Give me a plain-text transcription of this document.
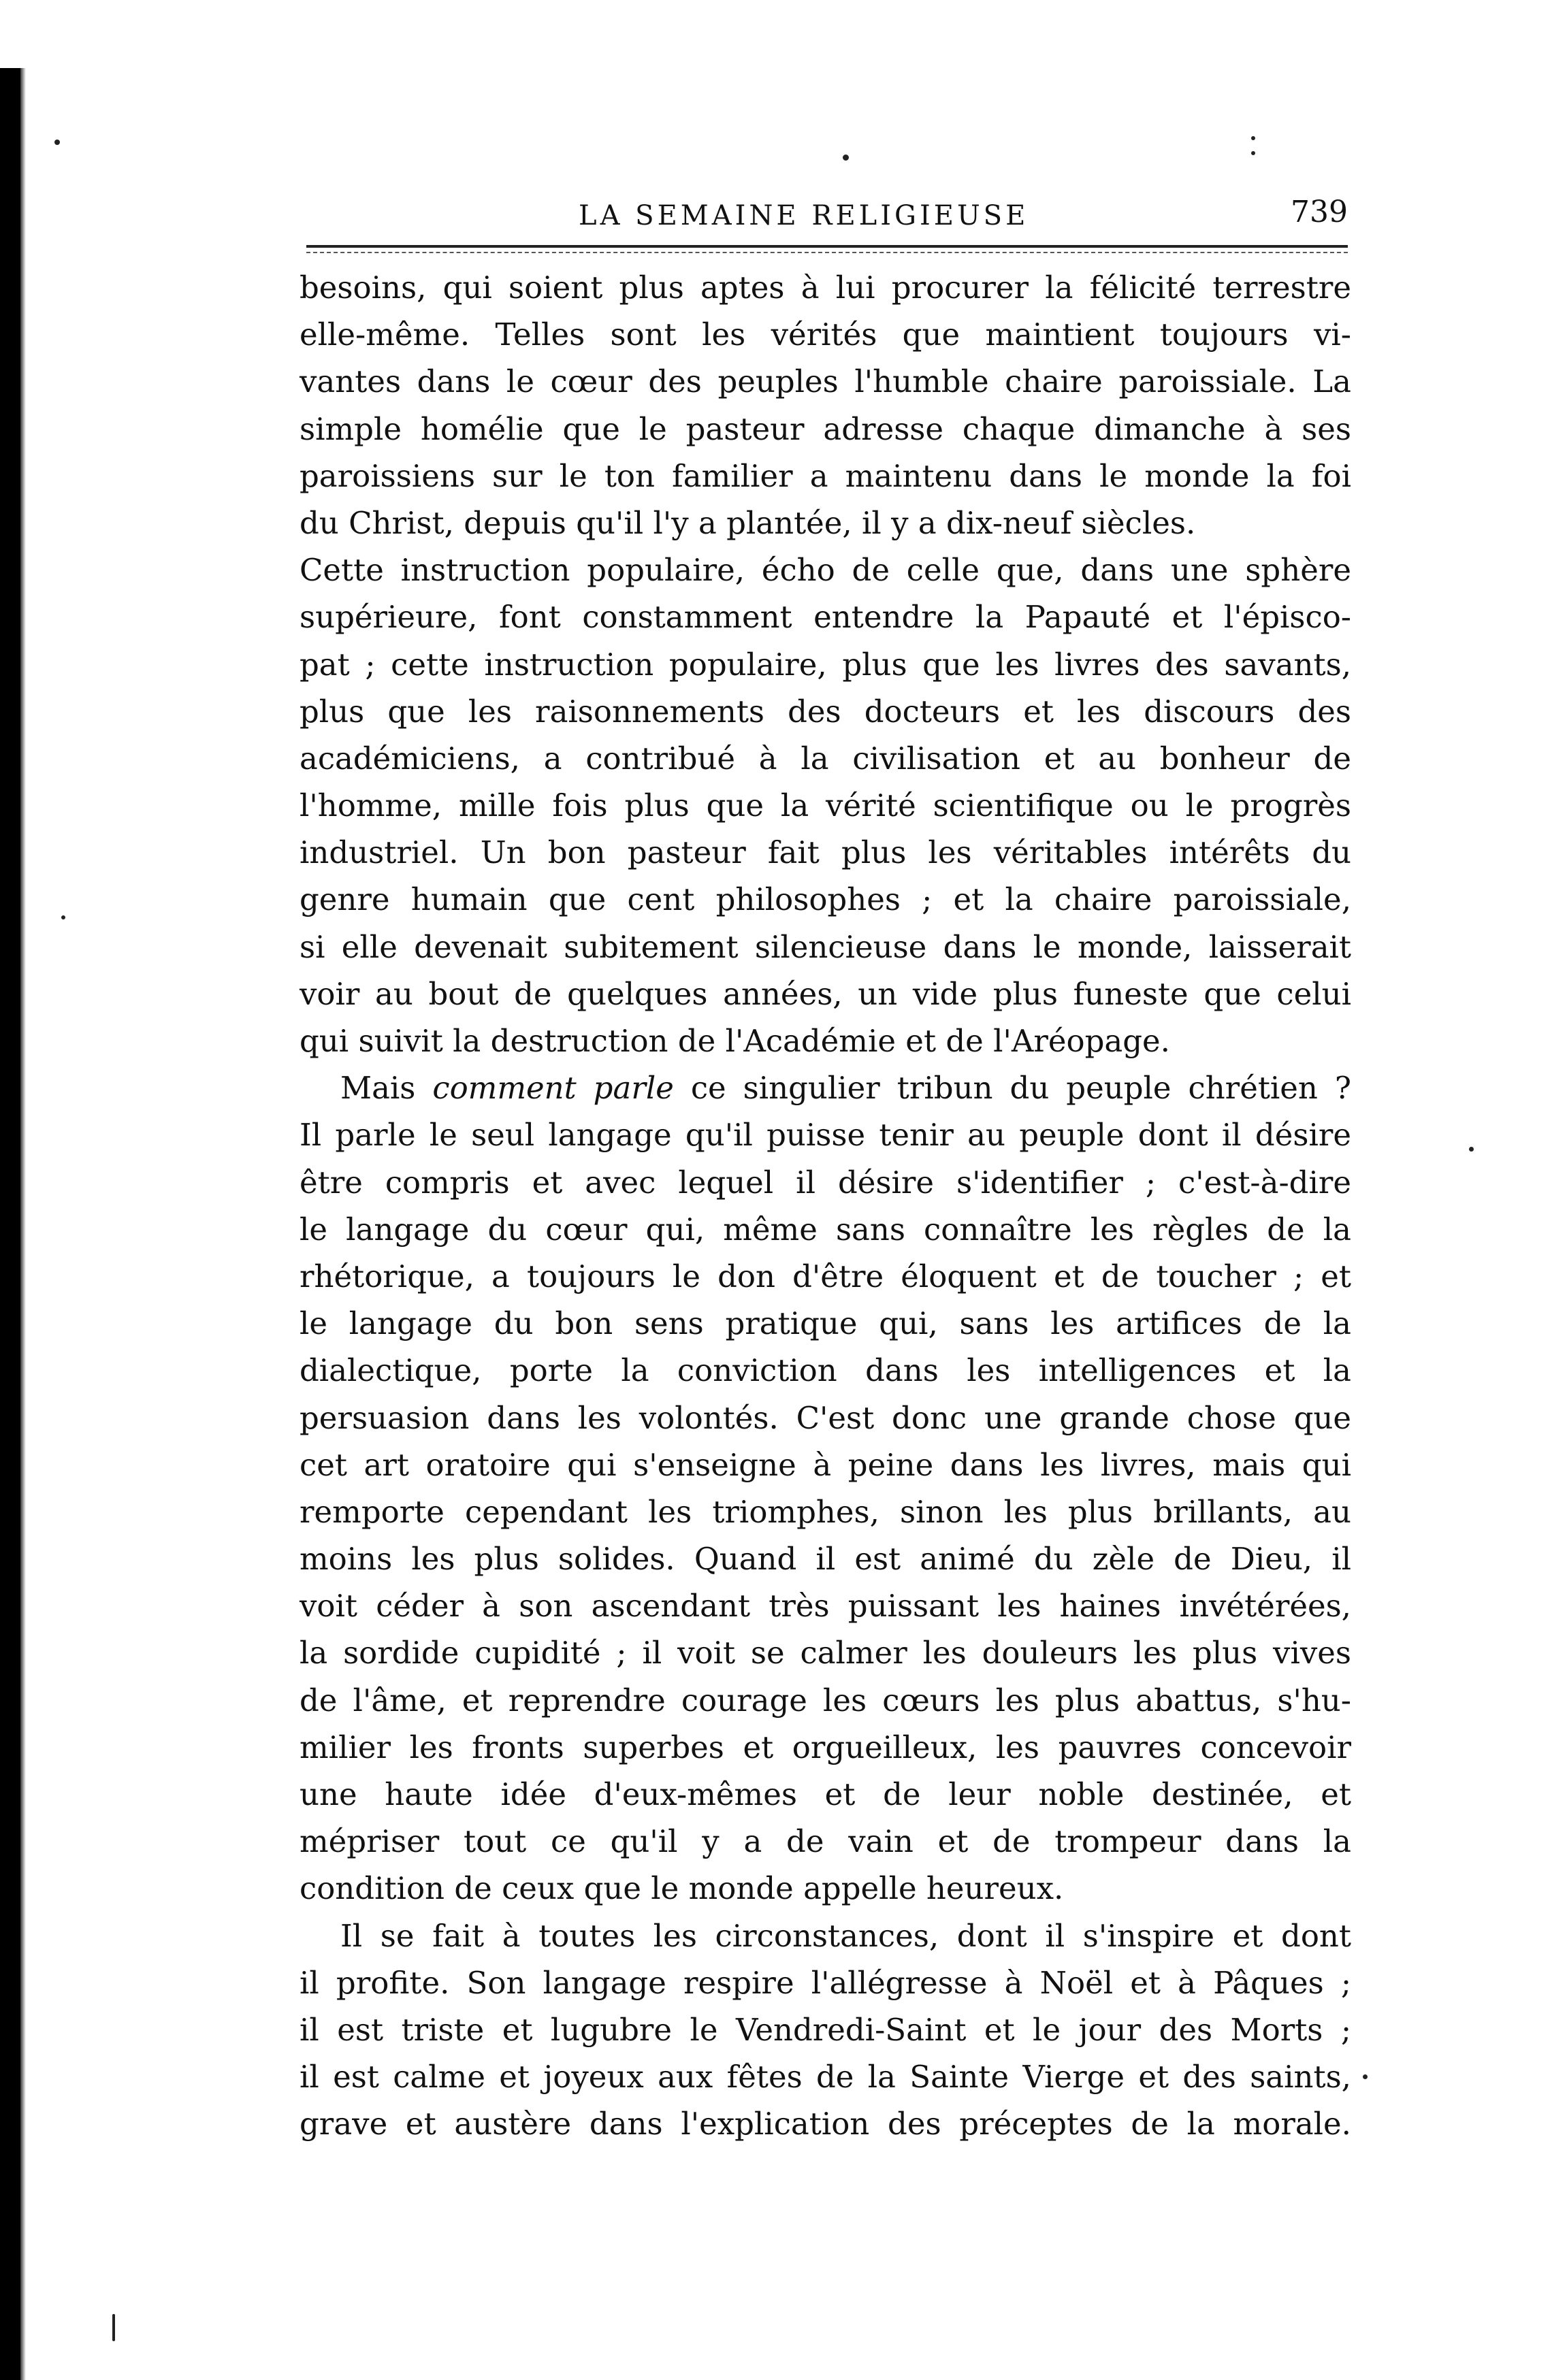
LA SEMAINE RELIGIEUSE	739
besoins, qui soient plus aptes à lui procurer la félicité terrestre
elle-même. Telles sont les vérités que maintient toujours vi-
vantes dans le cœur des peuples l'humble chaire paroissiale. La
simple homélie que le pasteur adresse chaque dimanche à ses
paroissiens sur le ton familier a maintenu dans le monde la foi
du Christ, depuis qu'il l'y a plantée, il y a dix-neuf siècles.
Cette instruction populaire, écho de celle que, dans une sphère
supérieure, font constamment entendre la Papauté et l'épisco-
pat ; cette instruction populaire, plus que les livres des savants,
plus que les raisonnements des docteurs et les discours des
académiciens, a contribué à la civilisation et au bonheur de
l'homme, mille fois plus que la vérité scientifique ou le progrès
industriel. Un bon pasteur fait plus les véritables intérêts du
genre humain que cent philosophes ; et la chaire paroissiale,
si elle devenait subitement silencieuse dans le monde, laisserait
voir au bout de quelques années, un vide plus funeste que celui
qui suivit la destruction de l'Académie et de l'Aréopage.
Mais comment parle ce singulier tribun du peuple chrétien ?
Il parle le seul langage qu'il puisse tenir au peuple dont il désire
être compris et avec lequel il désire s'identifier ; c'est-à-dire
le langage du cœur qui, même sans connaître les règles de la
rhétorique, a toujours le don d'être éloquent et de toucher ; et
le langage du bon sens pratique qui, sans les artifices de la
dialectique, porte la conviction dans les intelligences et la
persuasion dans les volontés. C'est donc une grande chose que
cet art oratoire qui s'enseigne à peine dans les livres, mais qui
remporte cependant les triomphes, sinon les plus brillants, au
moins les plus solides. Quand il est animé du zèle de Dieu, il
voit céder à son ascendant très puissant les haines invétérées,
la sordide cupidité ; il voit se calmer les douleurs les plus vives
de l'âme, et reprendre courage les cœurs les plus abattus, s'hu-
milier les fronts superbes et orgueilleux, les pauvres concevoir
une haute idée d'eux-mêmes et de leur noble destinée, et
mépriser tout ce qu'il y a de vain et de trompeur dans la
condition de ceux que le monde appelle heureux.
Il se fait à toutes les circonstances, dont il s'inspire et dont
il profite. Son langage respire l'allégresse à Noël et à Pâques ;
il est triste et lugubre le Vendredi-Saint et le jour des Morts ;
il est calme et joyeux aux fêtes de la Sainte Vierge et des saints,
grave et austère dans l'explication des préceptes de la morale.
